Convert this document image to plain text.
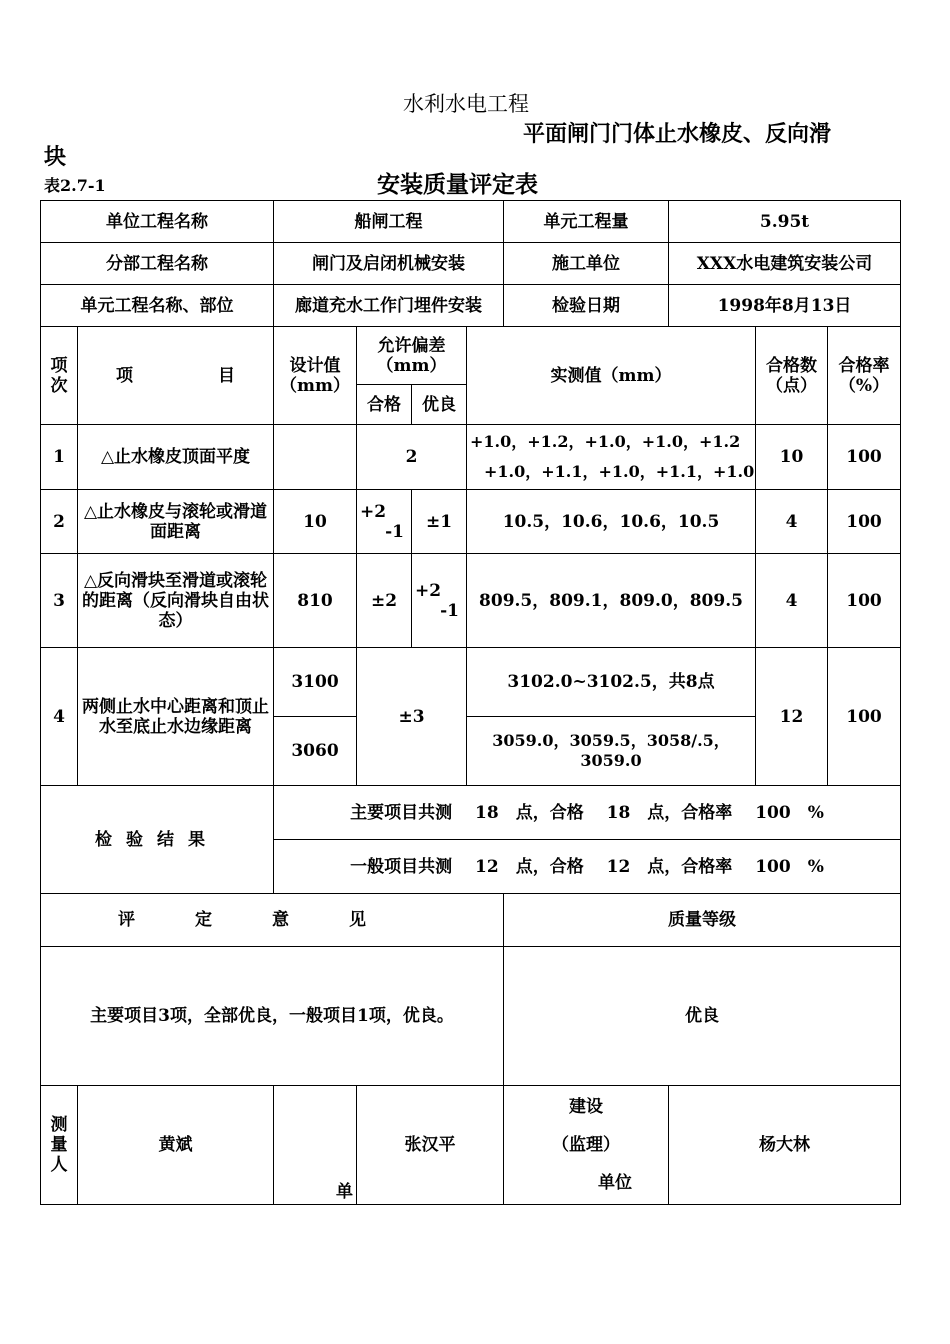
水利水电工程
平面闸门门体止水橡皮、反向滑
块
表2.7-1	安装质量评定表
单位工程名称		船闸工程				单元工程量	5.95t		
分部工程名称		闸门及启闭机械安装				施工单位	XXX水电建筑安装公司		
单元工程名称、部位		廊道充水工作门埋件安装				检验日期	1998年8月13日		
项次	项　　　　　目	设计值（mm）	允许偏差（mm）		实测值（mm）			合格数（点）	合格率（%）
			合格	优良					
1	△止水橡皮顶面平度		2		+1.0，+1.2，+1.0，+1.0，+1.2
+1.0，+1.1，+1.0，+1.1，+1.0			10	100
2	△止水橡皮与滚轮或滑道面距离	10	+2
-1	±1	10.5，10.6，10.6，10.5			4	100
3	△反向滑块至滑道或滚轮的距离（反向滑块自由状态）	810	±2	+2
-1	809.5，809.1，809.0，809.5			4	100
4	两侧止水中心距离和顶止水至底止水边缘距离	3100	±3		3102.0~3102.5，共8点			12	100
		3060			3059.0，3059.5，3058/.5，3059.0				
检验结果		主要项目共测　 18　点，合格　 18　点，合格率　 100　%							
		一般项目共测　 12　点，合格　 12　点，合格率　 100　%							
评定意见						质量等级			
主要项目3项，全部优良，一般项目1项，优良。						优良			
测量人	黄斌	单	张汉平			建设
（监理）
单位	杨大林		
